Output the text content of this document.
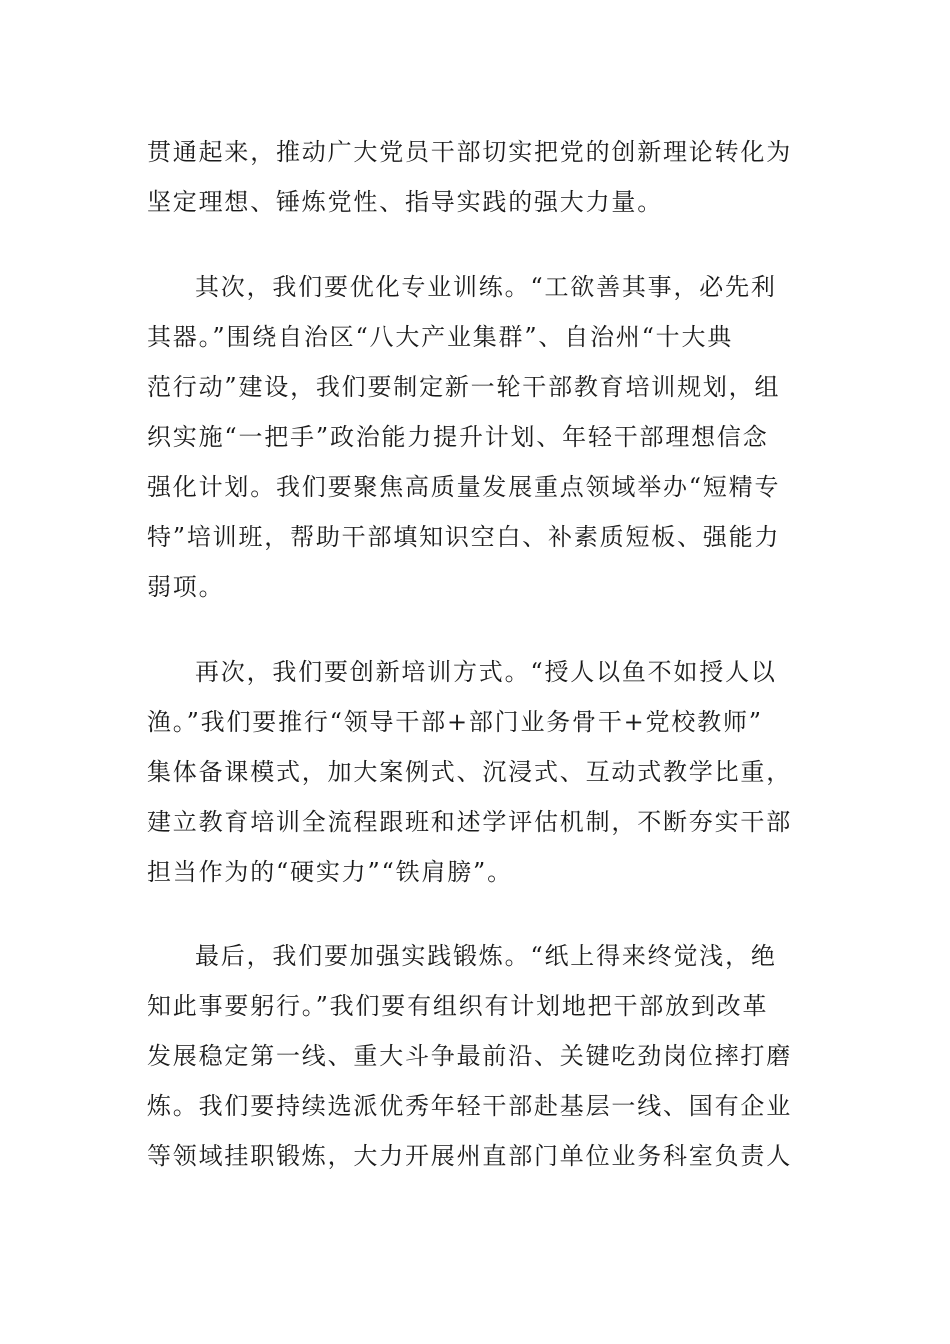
贯通起来，推动广大党员干部切实把党的创新理论转化为
坚定理想、锤炼党性、指导实践的强大力量。
其次，我们要优化专业训练。“工欲善其事，必先利
其器。”围绕自治区“八大产业集群”、自治州“十大典
范行动”建设，我们要制定新一轮干部教育培训规划，组
织实施“一把手”政治能力提升计划、年轻干部理想信念
强化计划。我们要聚焦高质量发展重点领域举办“短精专
特”培训班，帮助干部填知识空白、补素质短板、强能力
弱项。
再次，我们要创新培训方式。“授人以鱼不如授人以
渔。”我们要推行“领导干部+部门业务骨干+党校教师”
集体备课模式，加大案例式、沉浸式、互动式教学比重，
建立教育培训全流程跟班和述学评估机制，不断夯实干部
担当作为的“硬实力”“铁肩膀”。
最后，我们要加强实践锻炼。“纸上得来终觉浅，绝
知此事要躬行。”我们要有组织有计划地把干部放到改革
发展稳定第一线、重大斗争最前沿、关键吃劲岗位摔打磨
炼。我们要持续选派优秀年轻干部赴基层一线、国有企业
等领域挂职锻炼，大力开展州直部门单位业务科室负责人
